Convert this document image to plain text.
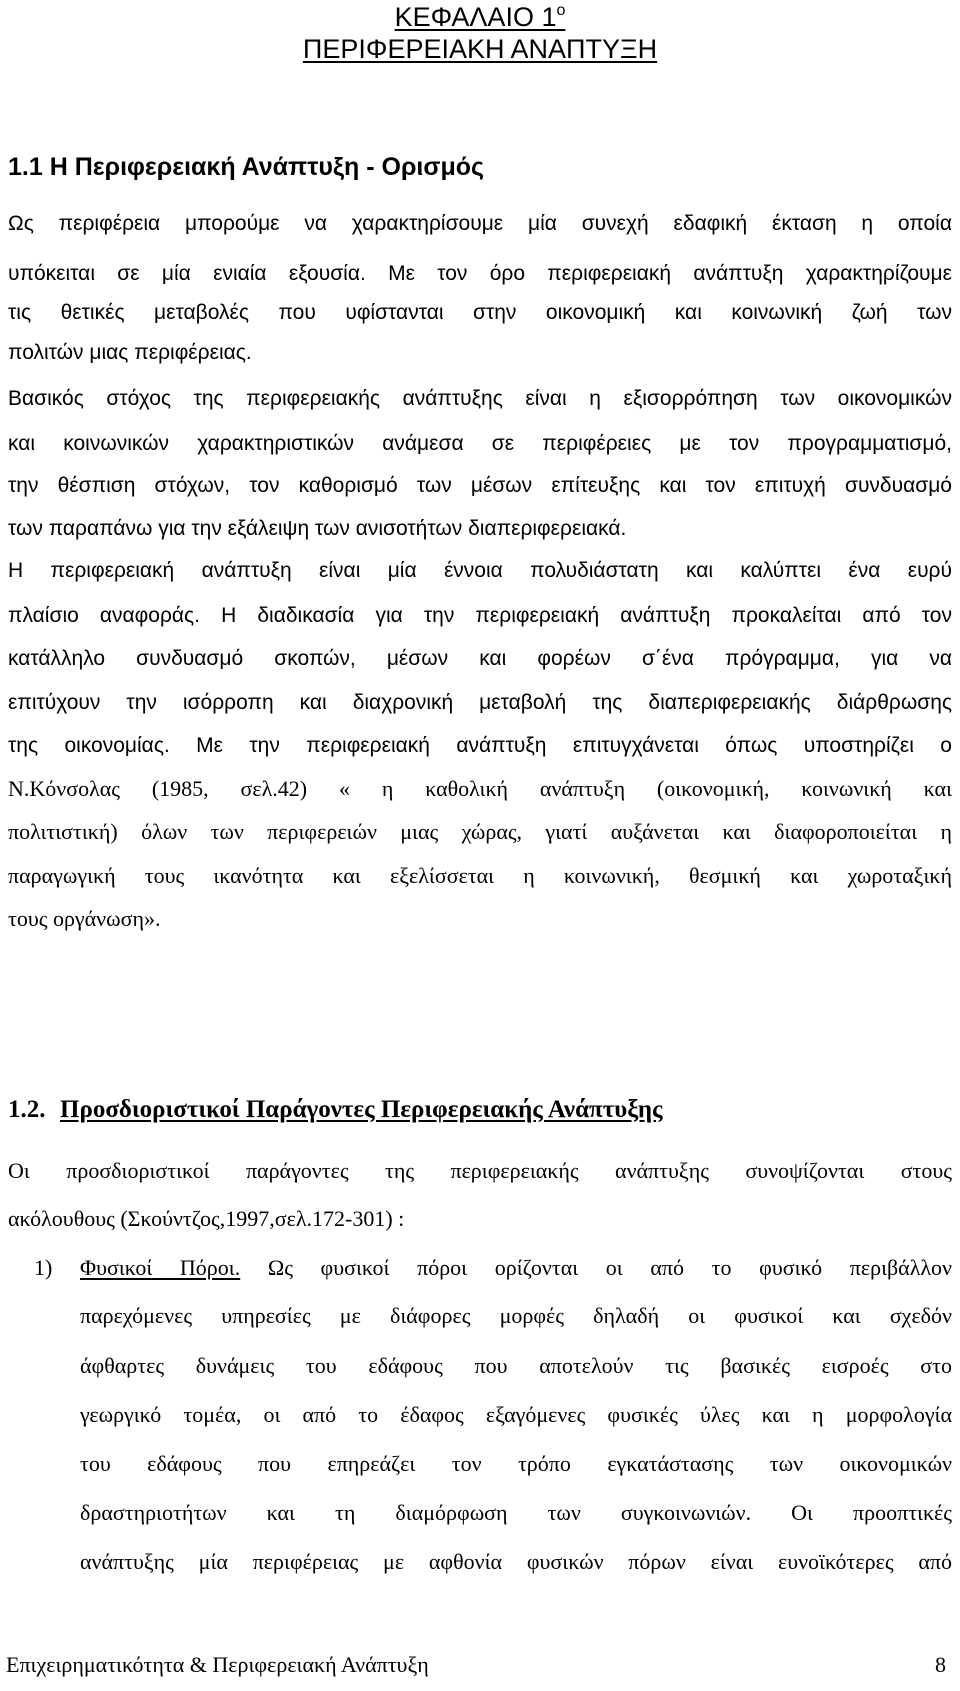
ΚΕΦΑΛΑΙΟ $1^o$
ΠΕΡΙΦΕΡΕΙΑΚΗ ΑΝΑΠΤΥΞΗ
1.1 Η Περιφερειακή Ανάπτυξη - Ορισμός
Ως περιφέρεια μπορούμε να χαρακτηρίσουμε μία συνεχή εδαφική έκταση η οποία
υπόκειται σε μία ενιαία εξουσία. Με τον όρο περιφερειακή ανάπτυξη χαρακτηρίζουμε
τις θετικές μεταβολές που υφίστανται στην οικονομική και κοινωνική ζωή των
πολιτών μιας περιφέρειας.
Βασικός στόχος της περιφερειακής ανάπτυξης είναι η εξισορρόπηση των οικονομικών
και κοινωνικών χαρακτηριστικών ανάμεσα σε περιφέρειες με τον προγραμματισμό,
την θέσπιση στόχων, τον καθορισμό των μέσων επίτευξης και τον επιτυχή συνδυασμό
των παραπάνω για την εξάλειψη των ανισοτήτων διαπεριφερειακά.
Η περιφερειακή ανάπτυξη είναι μία έννοια πολυδιάστατη και καλύπτει ένα ευρύ
πλαίσιο αναφοράς. Η διαδικασία για την περιφερειακή ανάπτυξη προκαλείται από τον
κατάλληλο συνδυασμό σκοπών, μέσων και φορέων σ΄ένα πρόγραμμα, για να
επιτύχουν την ισόρροπη και διαχρονική μεταβολή της διαπεριφερειακής διάρθρωσης
της οικονομίας. Με την περιφερειακή ανάπτυξη επιτυγχάνεται όπως υποστηρίζει ο
Ν.Κόνσολας (1985, σελ.42) « η καθολική ανάπτυξη (οικονομική, κοινωνική και
πολιτιστική) όλων των περιφερειών μιας χώρας, γιατί αυξάνεται και διαφοροποιείται η
παραγωγική τους ικανότητα και εξελίσσεται η κοινωνική, θεσμική και χωροταξική
τους οργάνωση».
1.2. Προσδιοριστικοί Παράγοντες Περιφερειακής Ανάπτυξης
Οι προσδιοριστικοί παράγοντες της περιφερειακής ανάπτυξης συνοψίζονται στους
ακόλουθους (Σκούντζος,1997,σελ.172-301) :
1) Φυσικοί Πόροι. Ως φυσικοί πόροι ορίζονται οι από το φυσικό περιβάλλον
παρεχόμενες υπηρεσίες με διάφορες μορφές δηλαδή οι φυσικοί και σχεδόν
άφθαρτες δυνάμεις του εδάφους που αποτελούν τις βασικές εισροές στο
γεωργικό τομέα, οι από το έδαφος εξαγόμενες φυσικές ύλες και η μορφολογία
του εδάφους που επηρεάζει τον τρόπο εγκατάστασης των οικονομικών
δραστηριοτήτων και τη διαμόρφωση των συγκοινωνιών. Οι προοπτικές
ανάπτυξης μία περιφέρειας με αφθονία φυσικών πόρων είναι ευνοϊκότερες από
Επιχειρηματικότητα & Περιφερειακή Ανάπτυξη	8
